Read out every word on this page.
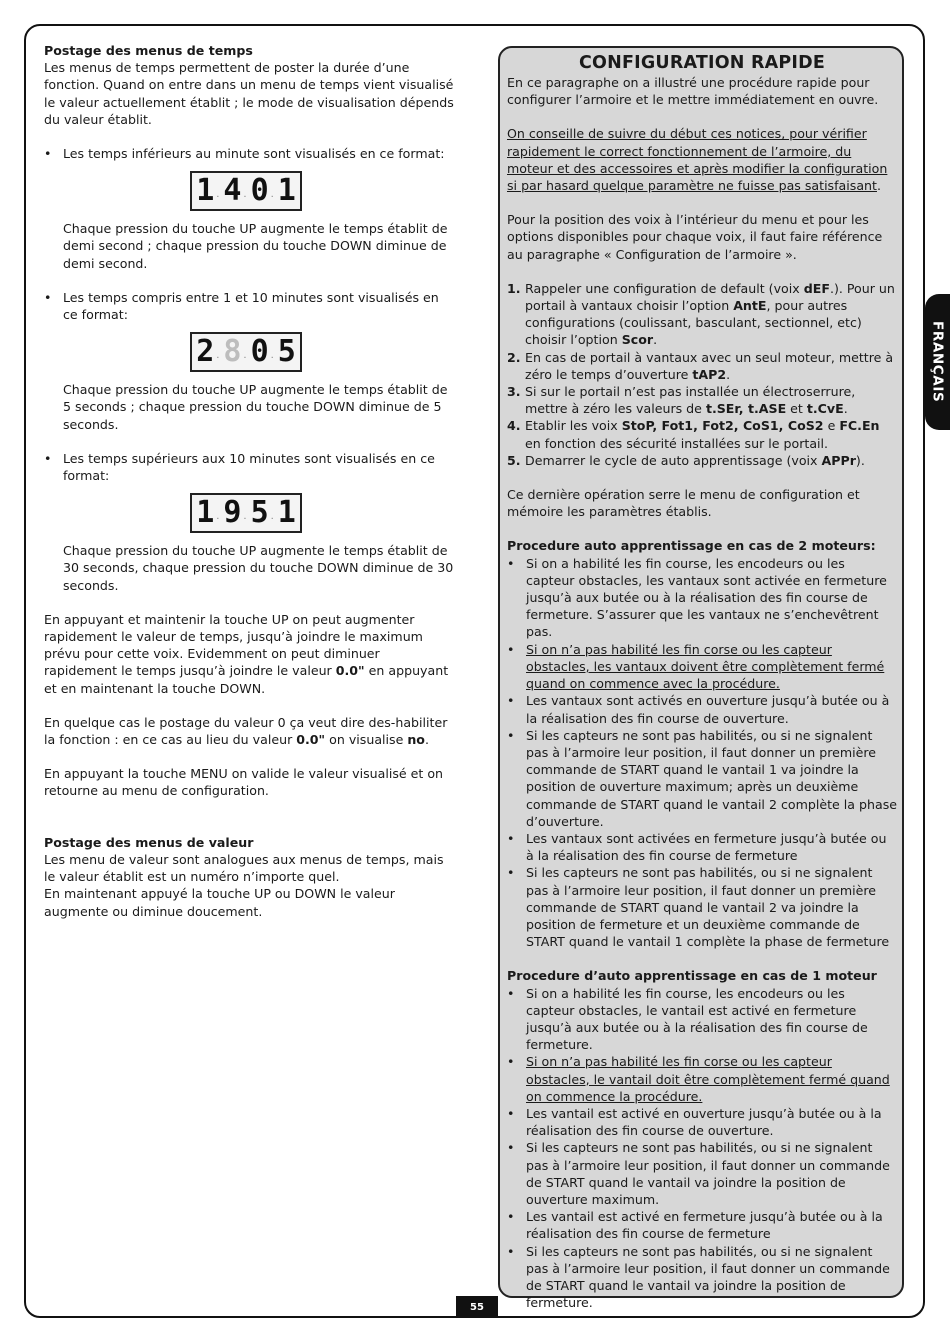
Postage des menus de temps

Les menus de temps permettent de poster la durée d’une fonction. Quand on entre dans un menu de temps vient visualisé le valeur actuellement établit ; le mode de visualisation dépends du valeur établit.

• Les temps inférieurs au minute sont visualisés en ce format:

1 . 4 . 0 . 1

Chaque pression du touche UP augmente le temps établit de demi second ; chaque pression du touche DOWN diminue de demi second.

• Les temps compris entre 1 et 10 minutes sont visualisés en ce format:

2 . 8 . 0 . 5

Chaque pression du touche UP augmente le temps établit de 5 seconds ; chaque pression du touche DOWN diminue de 5 seconds.

• Les temps supérieurs aux 10 minutes sont visualisés en ce format:

1 . 9 . 5 . 1

Chaque pression du touche UP augmente le temps établit de 30 seconds, chaque pression du touche DOWN diminue de 30 seconds.

En appuyant et maintenir la touche UP on peut augmenter rapidement le valeur de temps, jusqu’à joindre le maximum prévu pour cette voix. Evidemment on peut diminuer rapidement le temps jusqu’à joindre le valeur 0.0" en appuyant et en maintenant la touche DOWN.

En quelque cas le postage du valeur 0 ça veut dire des-habiliter la fonction : en ce cas au lieu du valeur 0.0" on visualise no.

En appuyant la touche MENU on valide le valeur visualisé et on retourne au menu de configuration.

Postage des menus de valeur

Les menu de valeur sont analogues aux menus de temps, mais le valeur établit est un numéro n’importe quel.

En maintenant appuyé la touche UP ou DOWN le valeur augmente ou diminue doucement.

CONFIGURATION RAPIDE

En ce paragraphe on a illustré une procédure rapide pour configurer l’armoire et le mettre immédiatement en ouvre.

On conseille de suivre du début ces notices, pour vérifier rapidement le correct fonctionnement de l’armoire, du moteur et des accessoires et après modifier la configuration si par hasard quelque paramètre ne fuisse pas satisfaisant.

Pour la position des voix à l’intérieur du menu et pour les options disponibles pour chaque voix, il faut faire référence au paragraphe « Configuration de l’armoire ».

1. Rappeler une configuration de default (voix dEF.). Pour un portail à vantaux choisir l’option AntE, pour autres configurations (coulissant, basculant, sectionnel, etc) choisir l’option Scor.

2. En cas de portail à vantaux avec un seul moteur, mettre à zéro le temps d’ouverture tAP2.

3. Si sur le portail n’est pas installée un électroserrure, mettre à zéro les valeurs de t.SEr, t.ASE et t.CvE.

4. Etablir les voix StoP, Fot1, Fot2, CoS1, CoS2 e FC.En en fonction des sécurité installées sur le portail.

5. Demarrer le cycle de auto apprentissage (voix APPr).

Ce dernière opération serre le menu de configuration et mémoire les paramètres établis.

Procedure auto apprentissage en cas de 2 moteurs:

• Si on a habilité les fin course, les encodeurs ou les capteur obstacles, les vantaux sont activée en fermeture jusqu’à aux butée ou à la réalisation des fin course de fermeture. S’assurer que les vantaux ne s’enchevêtrent pas.

• Si on n’a pas habilité les fin corse ou les capteur obstacles, les vantaux doivent être complètement fermé quand on commence avec la procédure.

• Les vantaux sont activés en ouverture jusqu’à butée ou à la réalisation des fin course de ouverture.

• Si les capteurs ne sont pas habilités, ou si ne signalent pas à l’armoire leur position, il faut donner un première commande de START quand le vantail 1 va joindre la position de ouverture maximum; après un deuxième commande de START quand le vantail 2 complète la phase d’ouverture.

• Les vantaux sont activées en fermeture jusqu’à butée ou à la réalisation des fin course de fermeture

• Si les capteurs ne sont pas habilités, ou si ne signalent pas à l’armoire leur position, il faut donner un première commande de START quand le vantail 2 va joindre la position de fermeture et un deuxième commande de START quand le vantail 1 complète la phase de fermeture

Procedure d’auto apprentissage en cas de 1 moteur

• Si on a habilité les fin course, les encodeurs ou les capteur obstacles, le vantail est activé en fermeture jusqu’à aux butée ou à la réalisation des fin course de fermeture.

• Si on n’a pas habilité les fin corse ou les capteur obstacles, le vantail doit être complètement fermé quand on commence la procédure.

• Les vantail est activé en ouverture jusqu’à butée ou à la réalisation des fin course de ouverture.

• Si les capteurs ne sont pas habilités, ou si ne signalent pas à l’armoire leur position, il faut donner un commande de START quand le vantail va joindre la position de ouverture maximum.

• Les vantail est activé en fermeture jusqu’à butée ou à la réalisation des fin course de fermeture

• Si les capteurs ne sont pas habilités, ou si ne signalent pas à l’armoire leur position, il faut donner un commande de START quand le vantail va joindre la position de fermeture.

FRANÇAIS
55
